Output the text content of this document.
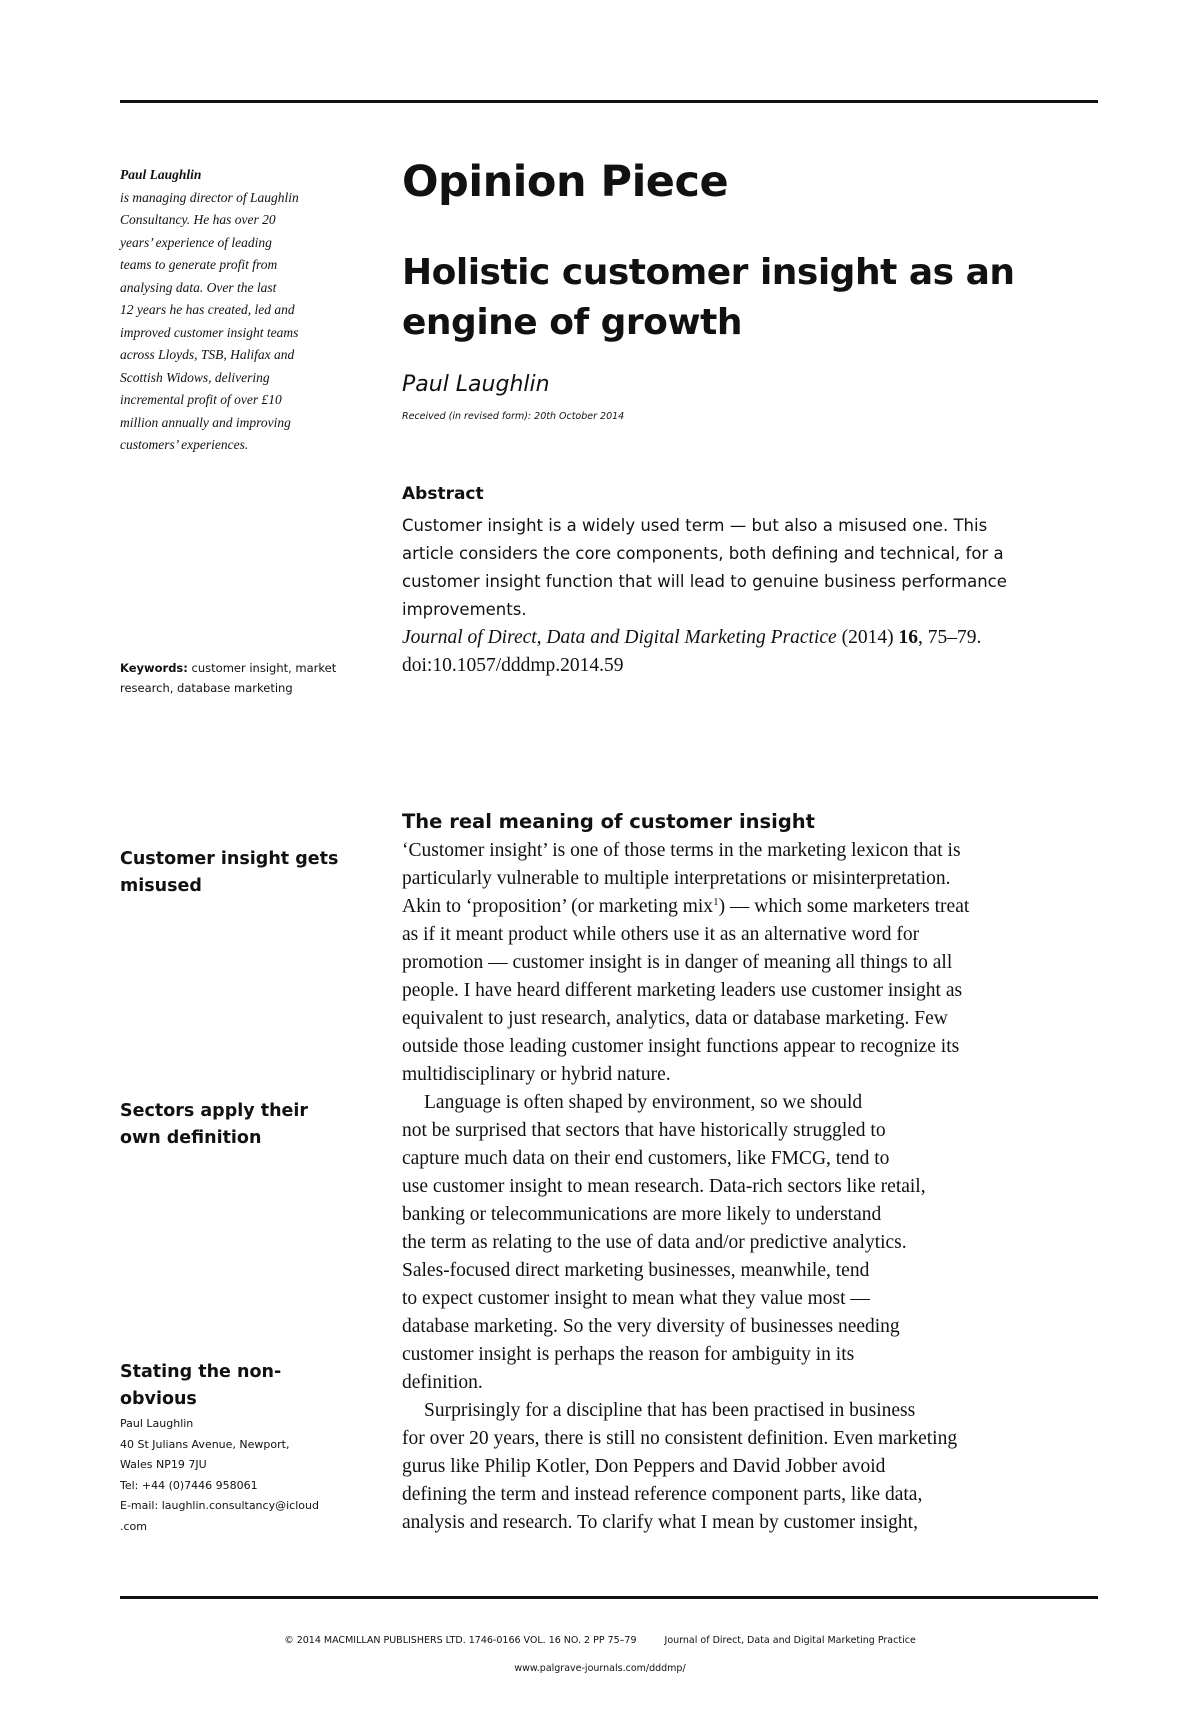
Paul Laughlin
is managing director of Laughlin
Consultancy. He has over 20
years’ experience of leading
teams to generate profit from
analysing data. Over the last
12 years he has created, led and
improved customer insight teams
across Lloyds, TSB, Halifax and
Scottish Widows, delivering
incremental profit of over £10
million annually and improving
customers’ experiences.
Keywords: customer insight, market
research, database marketing
Customer insight gets
misused
Sectors apply their
own definition
Stating the non-
obvious
Paul Laughlin
40 St Julians Avenue, Newport,
Wales NP19 7JU
Tel: +44 (0)7446 958061
E-mail: laughlin.consultancy@icloud
.com
Opinion Piece
Holistic customer insight as an
engine of growth
Paul Laughlin
Received (in revised form): 20th October 2014
Abstract
Customer insight is a widely used term — but also a misused one. This
article considers the core components, both defining and technical, for a
customer insight function that will lead to genuine business performance
improvements.
Journal of Direct, Data and Digital Marketing Practice (2014) 16, 75–79.
doi:10.1057/dddmp.2014.59
The real meaning of customer insight
‘Customer insight’ is one of those terms in the marketing lexicon that is
particularly vulnerable to multiple interpretations or misinterpretation.
Akin to ‘proposition’ (or marketing mix$^1$) — which some marketers treat
as if it meant product while others use it as an alternative word for
promotion — customer insight is in danger of meaning all things to all
people. I have heard different marketing leaders use customer insight as
equivalent to just research, analytics, data or database marketing. Few
outside those leading customer insight functions appear to recognize its
multidisciplinary or hybrid nature.
Language is often shaped by environment, so we should
not be surprised that sectors that have historically struggled to
capture much data on their end customers, like FMCG, tend to
use customer insight to mean research. Data-rich sectors like retail,
banking or telecommunications are more likely to understand
the term as relating to the use of data and/or predictive analytics.
Sales-focused direct marketing businesses, meanwhile, tend
to expect customer insight to mean what they value most —
database marketing. So the very diversity of businesses needing
customer insight is perhaps the reason for ambiguity in its
definition.
Surprisingly for a discipline that has been practised in business
for over 20 years, there is still no consistent definition. Even marketing
gurus like Philip Kotler, Don Peppers and David Jobber avoid
defining the term and instead reference component parts, like data,
analysis and research. To clarify what I mean by customer insight,
© 2014 MACMILLAN PUBLISHERS LTD. 1746-0166 VOL. 16 NO. 2 PP 75–79	Journal of Direct, Data and Digital Marketing Practice
www.palgrave-journals.com/dddmp/
